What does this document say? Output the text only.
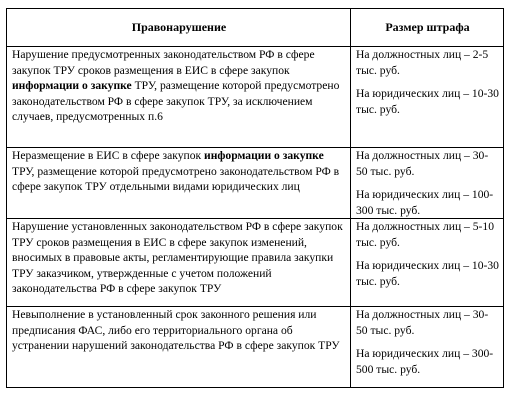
Правонарушение	Размер штрафа
Нарушение предусмотренных законодательством РФ в сфере закупок ТРУ сроков размещения в ЕИС в сфере закупок информации о закупке ТРУ, размещение которой предусмотрено законодательством РФ в сфере закупок ТРУ, за исключением случаев, предусмотренных п.6	На должностных лиц – 2-5 тыс. руб.

На юридических лиц – 10-30 тыс. руб.

Неразмещение в ЕИС в сфере закупок информации о закупке ТРУ, размещение которой предусмотрено законодательством РФ в сфере закупок ТРУ отдельными видами юридических лиц	На должностных лиц – 30-50 тыс. руб.

На юридических лиц – 100-300 тыс. руб.

Нарушение установленных законодательством РФ в сфере закупок ТРУ сроков размещения в ЕИС в сфере закупок изменений, вносимых в правовые акты, регламентирующие правила закупки ТРУ заказчиком, утвержденные с учетом положений законодательства РФ в сфере закупок ТРУ	На должностных лиц – 5-10 тыс. руб.

На юридических лиц – 10-30 тыс. руб.

Невыполнение в установленный срок законного решения или предписания ФАС, либо его территориального органа об устранении нарушений законодательства РФ в сфере закупок ТРУ	На должностных лиц – 30-50 тыс. руб.

На юридических лиц – 300-500 тыс. руб.
